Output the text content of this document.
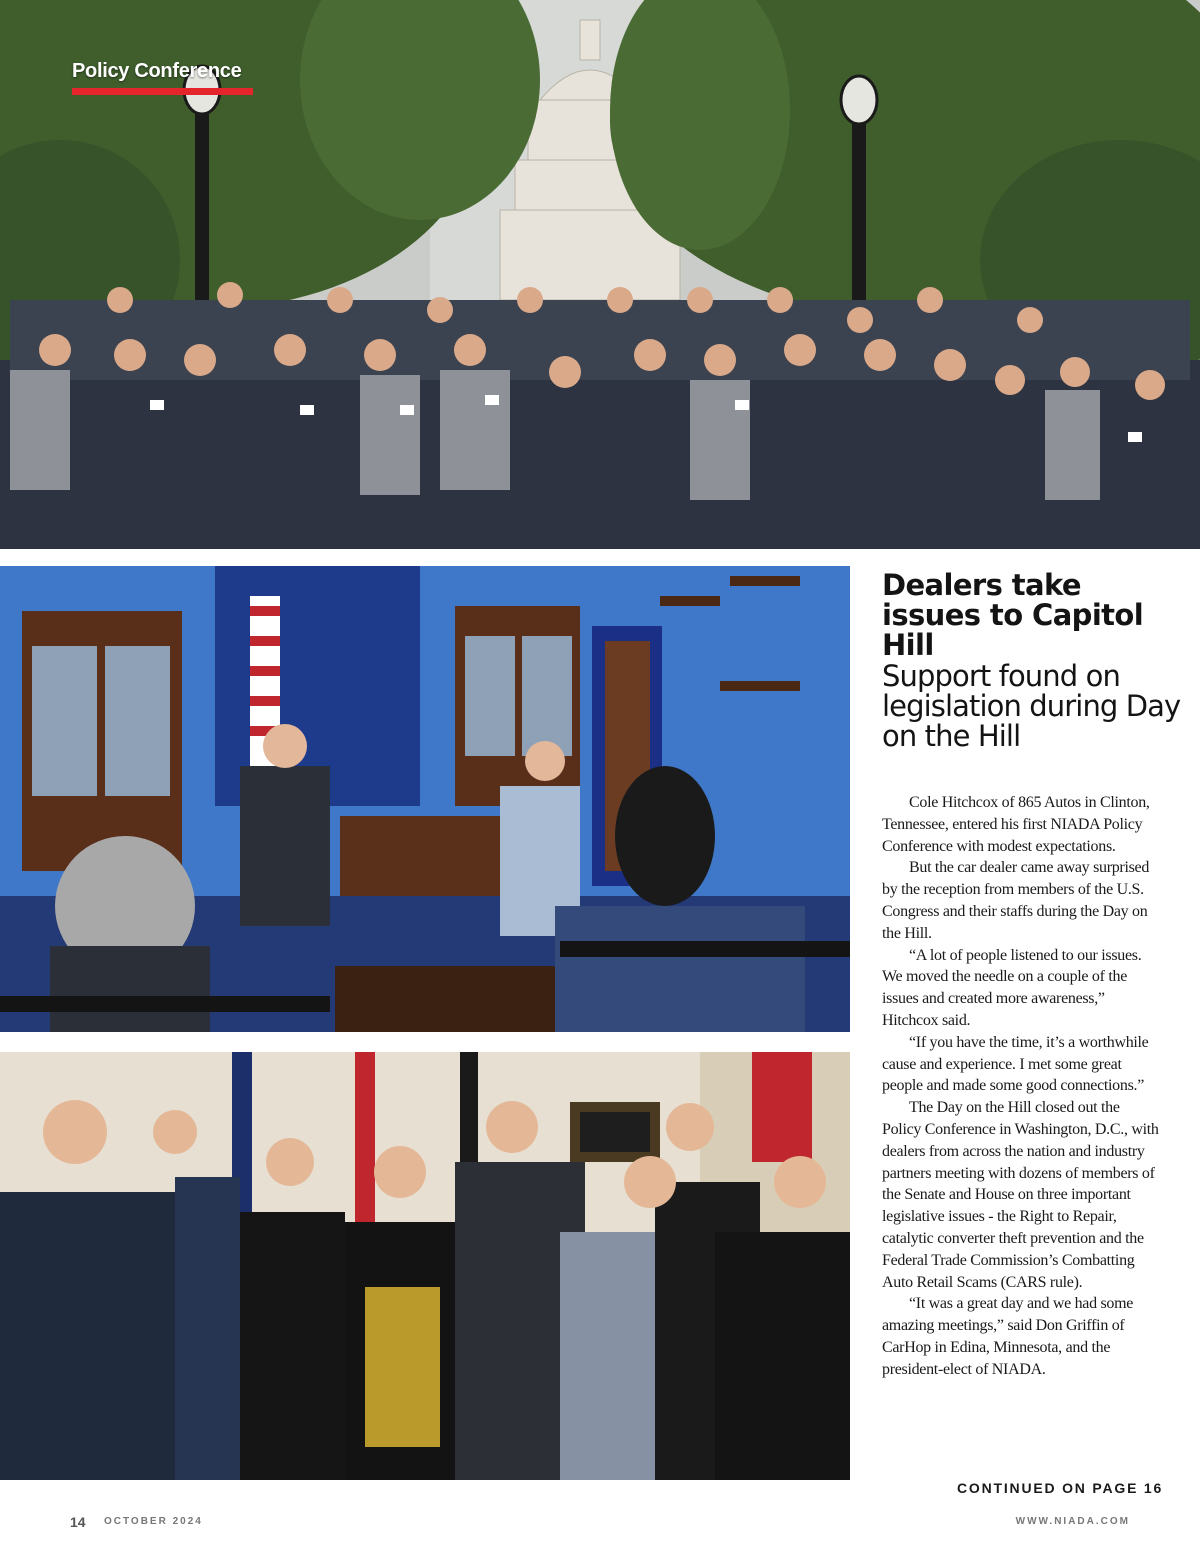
Policy Conference
Dealers take issues to Capitol Hill
Support found on legislation during Day on the Hill

Cole Hitchcox of 865 Autos in Clinton, Tennessee, entered his first NIADA Policy Conference with modest expectations.

But the car dealer came away surprised by the reception from members of the U.S. Congress and their staffs during the Day on the Hill.

“A lot of people listened to our issues. We moved the needle on a couple of the issues and created more awareness,” Hitchcox said.

“If you have the time, it’s a worthwhile cause and experience. I met some great people and made some good connections.”

The Day on the Hill closed out the Policy Conference in Washington, D.C., with dealers from across the nation and industry partners meeting with dozens of members of the Senate and House on three important legislative issues - the Right to Repair, catalytic converter theft prevention and the Federal Trade Commission’s Combatting Auto Retail Scams (CARS rule).

“It was a great day and we had some amazing meetings,” said Don Griffin of CarHop in Edina, Minnesota, and the president-elect of NIADA.

CONTINUED ON PAGE 16
14 OCTOBER 2024	WWW.NIADA.COM
